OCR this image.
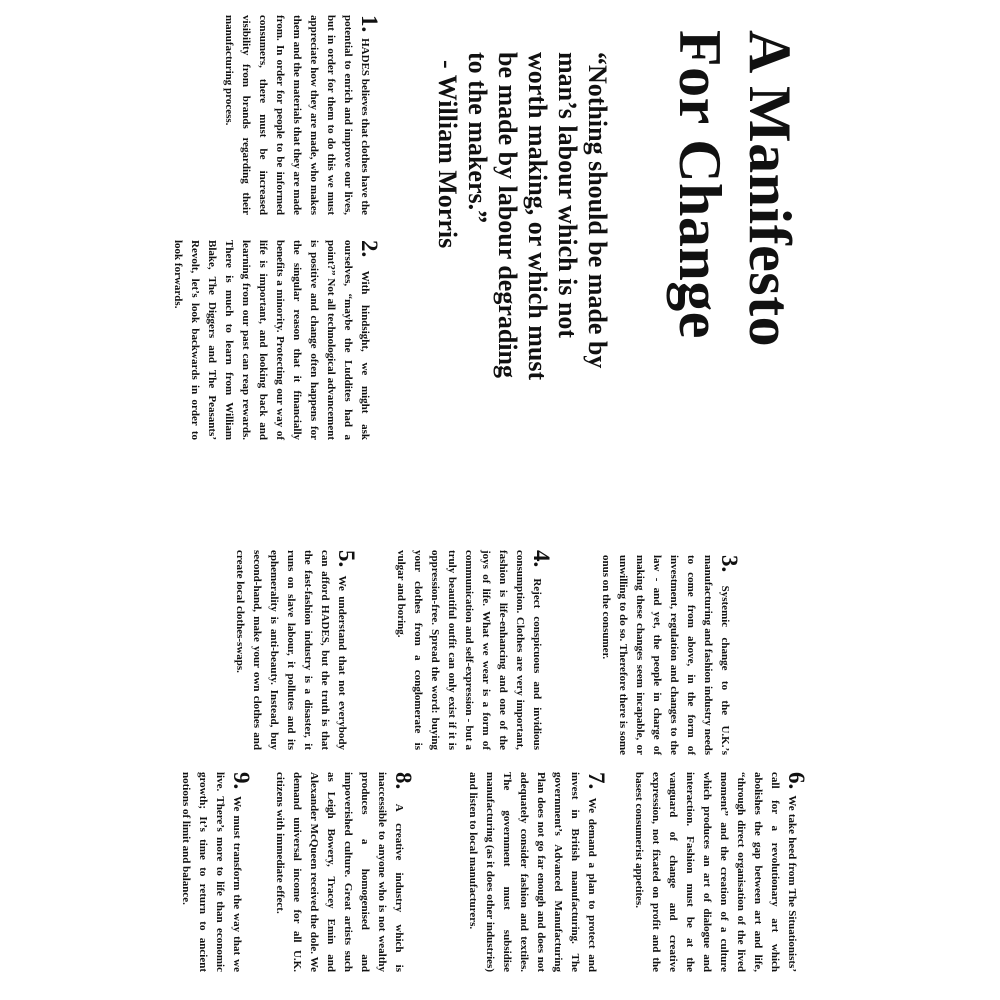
A Manifesto
For Change
“Nothing should be made by
man’s labour which is not
worth making, or which must
be made by labour degrading
to the makers.”
- William Morris
1. HADES believes that clothes have the potential to enrich and improve our lives, but in order for them to do this we must appreciate how they are made, who makes them and the materials that they are made from. In order for people to be informed consumers, there must be increased visibility from brands regarding their manufacturing process.
2. With hindsight, we might ask ourselves, “maybe the Luddites had a point?” Not all technological advancement is positive and change often happens for the singular reason that it financially benefits a minority. Protecting our way of life is important, and looking back and learning from our past can reap rewards. There is much to learn from William Blake, The Diggers and The Peasants’ Revolt, let’s look backwards in order to look forwards.
3. Systemic change to the U.K.’s manufacturing and fashion industry needs to come from above, in the form of investment, regulation and changes to the law - and yet, the people in charge of making these changes seem incapable, or unwilling to do so. Therefore there is some onus on the consumer.
4. Reject conspicuous and invidious consumption. Clothes are very important, fashion is life-enhancing and one of the joys of life. What we wear is a form of communication and self-expression - but a truly beautiful outfit can only exist if it is oppression-free. Spread the word: buying your clothes from a conglomerate is vulgar and boring.
5. We understand that not everybody can afford HADES, but the truth is that the fast-fashion industry is a disaster, it runs on slave labour, it pollutes and its ephemerality is anti-beauty. Instead, buy second-hand, make your own clothes and create local clothes-swaps.
6. We take heed from The Situationists’ call for a revolutionary art which abolishes the gap between art and life, “through direct organisation of the lived moment” and the creation of a culture which produces an art of dialogue and interaction. Fashion must be at the vanguard of change and creative expression, not fixated on profit and the basest consumerist appetites.
7. We demand a plan to protect and invest in British manufacturing. The government’s Advanced Manufacturing Plan does not go far enough and does not adequately consider fashion and textiles. The government must subsidise manufacturing (as it does other industries) and listen to local manufacturers.
8. A creative industry which is inaccessible to anyone who is not wealthy produces a homogenised and impoverished culture. Great artists such as Leigh Bowery, Tracey Emin and Alexander McQueen received the dole. We demand universal income for all U.K. citizens with immediate effect.
9. We must transform the way that we live. There’s more to life than economic growth; It’s time to return to ancient notions of limit and balance.
